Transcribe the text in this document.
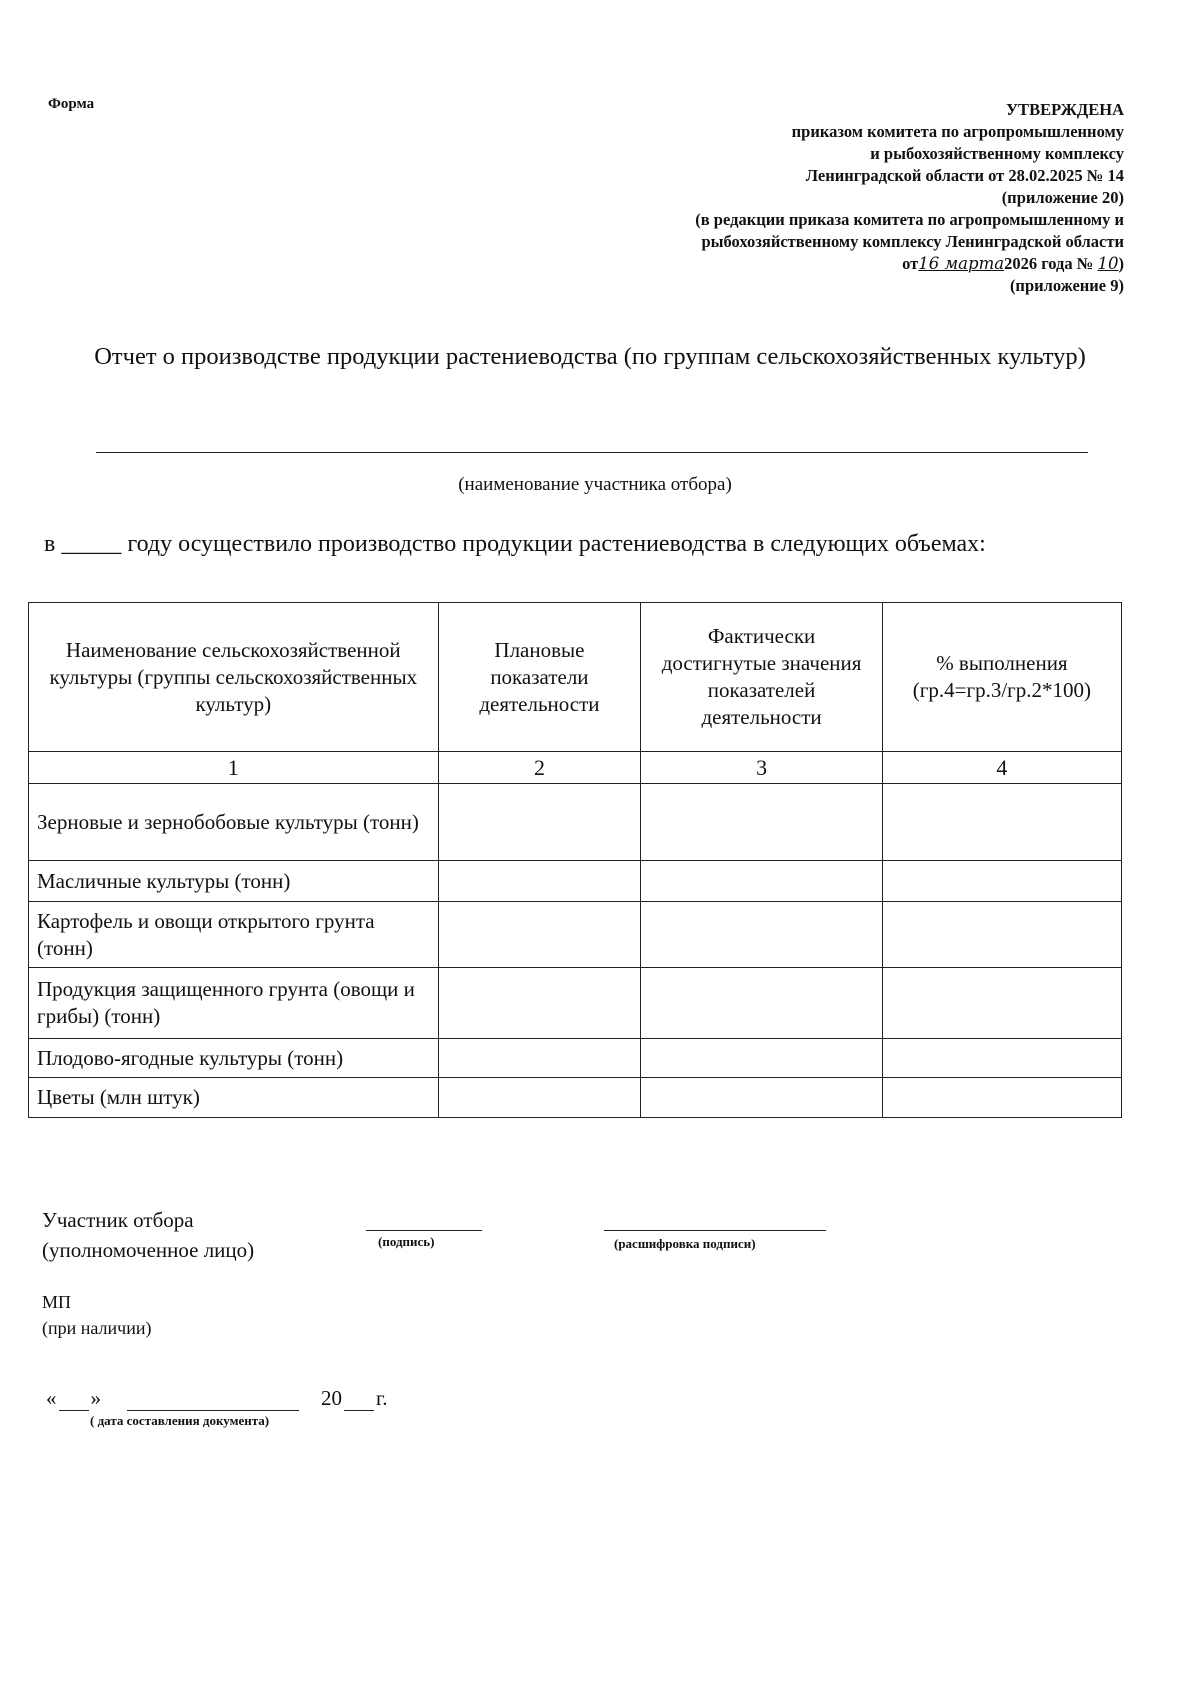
Форма	УТВЕРЖДЕНА
приказом комитета по агропромышленному
и рыбохозяйственному комплексу
Ленинградской области от 28.02.2025 № 14
(приложение 20)
(в редакции приказа комитета по агропромышленному и
рыбохозяйственному комплексу Ленинградской области
от16 марта2026 года № 10)
(приложение 9)
Отчет о производстве продукции растениеводства (по группам сельскохозяйственных культур)
(наименование участника отбора)
в _____ году осуществило производство продукции растениеводства в следующих объемах:
Наименование сельскохозяйственной культуры (группы сельскохозяйственных культур)	Плановые показатели деятельности	Фактически достигнутые значения показателей деятельности	% выполнения (гр.4=гр.3/гр.2*100)
1	2	3	4
Зерновые и зернобобовые культуры (тонн)			
Масличные культуры (тонн)			
Картофель и овощи открытого грунта (тонн)			
Продукция защищенного грунта (овощи и грибы) (тонн)			
Плодово-ягодные культуры (тонн)			
Цветы (млн штук)			
Участник отбора
(уполномоченное лицо)	(подпись)	(расшифровка подписи)
МП
(при наличии)
« »	20 г.
( дата составления документа)
